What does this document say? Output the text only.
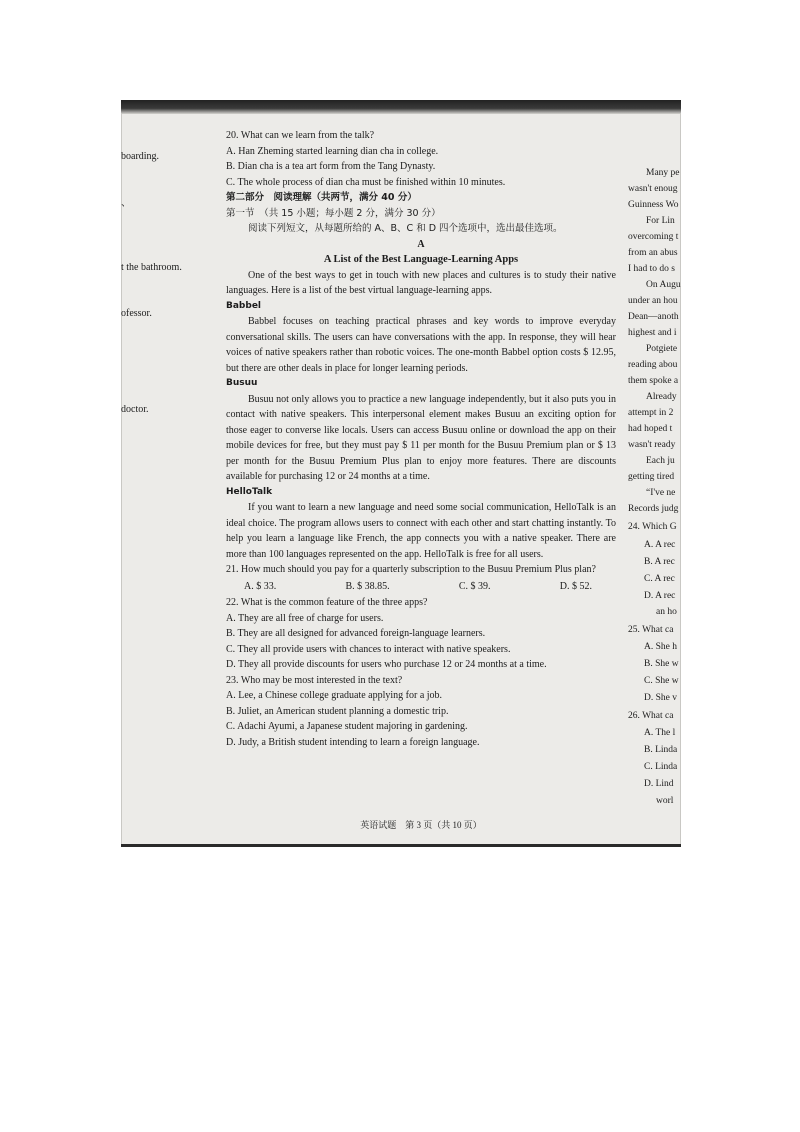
boarding.
、
t the bathroom.
ofessor.
doctor.

20. What can we learn from the talk?

A. Han Zheming started learning dian cha in college.

B. Dian cha is a tea art form from the Tang Dynasty.

C. The whole process of dian cha must be finished within 10 minutes.

第二部分　阅读理解（共两节，满分 40 分）

第一节　（共 15 小题；每小题 2 分，满分 30 分）

阅读下列短文，从每题所给的 A、B、C 和 D 四个选项中，选出最佳选项。

A

A List of the Best Language-Learning Apps

One of the best ways to get in touch with new places and cultures is to study their native languages. Here is a list of the best virtual language-learning apps.

Babbel

Babbel focuses on teaching practical phrases and key words to improve everyday conversational skills. The users can have conversations with the app. In response, they will hear voices of native speakers rather than robotic voices. The one-month Babbel option costs $ 12.95, but there are other deals in place for longer learning periods.

Busuu

Busuu not only allows you to practice a new language independently, but it also puts you in contact with native speakers. This interpersonal element makes Busuu an exciting option for those eager to converse like locals. Users can access Busuu online or download the app on their mobile devices for free, but they must pay $ 11 per month for the Busuu Premium plan or $ 13 per month for the Busuu Premium Plus plan to enjoy more features. There are discounts available for purchasing 12 or 24 months at a time.

HelloTalk

If you want to learn a new language and need some social communication, HelloTalk is an ideal choice. The program allows users to connect with each other and start chatting instantly. To help you learn a language like French, the app connects you with a native speaker. There are more than 100 languages represented on the app. HelloTalk is free for all users.

21. How much should you pay for a quarterly subscription to the Busuu Premium Plus plan?

A. $ 33.	B. $ 38.85.	C. $ 39.	D. $ 52.

22. What is the common feature of the three apps?

A. They are all free of charge for users.

B. They are all designed for advanced foreign-language learners.

C. They all provide users with chances to interact with native speakers.

D. They all provide discounts for users who purchase 12 or 24 months at a time.

23. Who may be most interested in the text?

A. Lee, a Chinese college graduate applying for a job.

B. Juliet, an American student planning a domestic trip.

C. Adachi Ayumi, a Japanese student majoring in gardening.

D. Judy, a British student intending to learn a foreign language.

英语试题　第 3 页（共 10 页）
Many pe
wasn't enoug
Guinness Wo
For Lin
overcoming t
from an abus
I had to do s
On Augu
under an hou
Dean—anoth
highest and i
Potgiete
reading abou
them spoke a
Already
attempt in 2
had hoped t
wasn't ready
Each ju
getting tired
“I've ne
Records judg
24. Which G
A. A rec
B. A rec
C. A rec
D. A rec
an ho
25. What ca
A. She h
B. She w
C. She w
D. She v
26. What ca
A. The l
B. Linda
C. Linda
D. Lind
worl
